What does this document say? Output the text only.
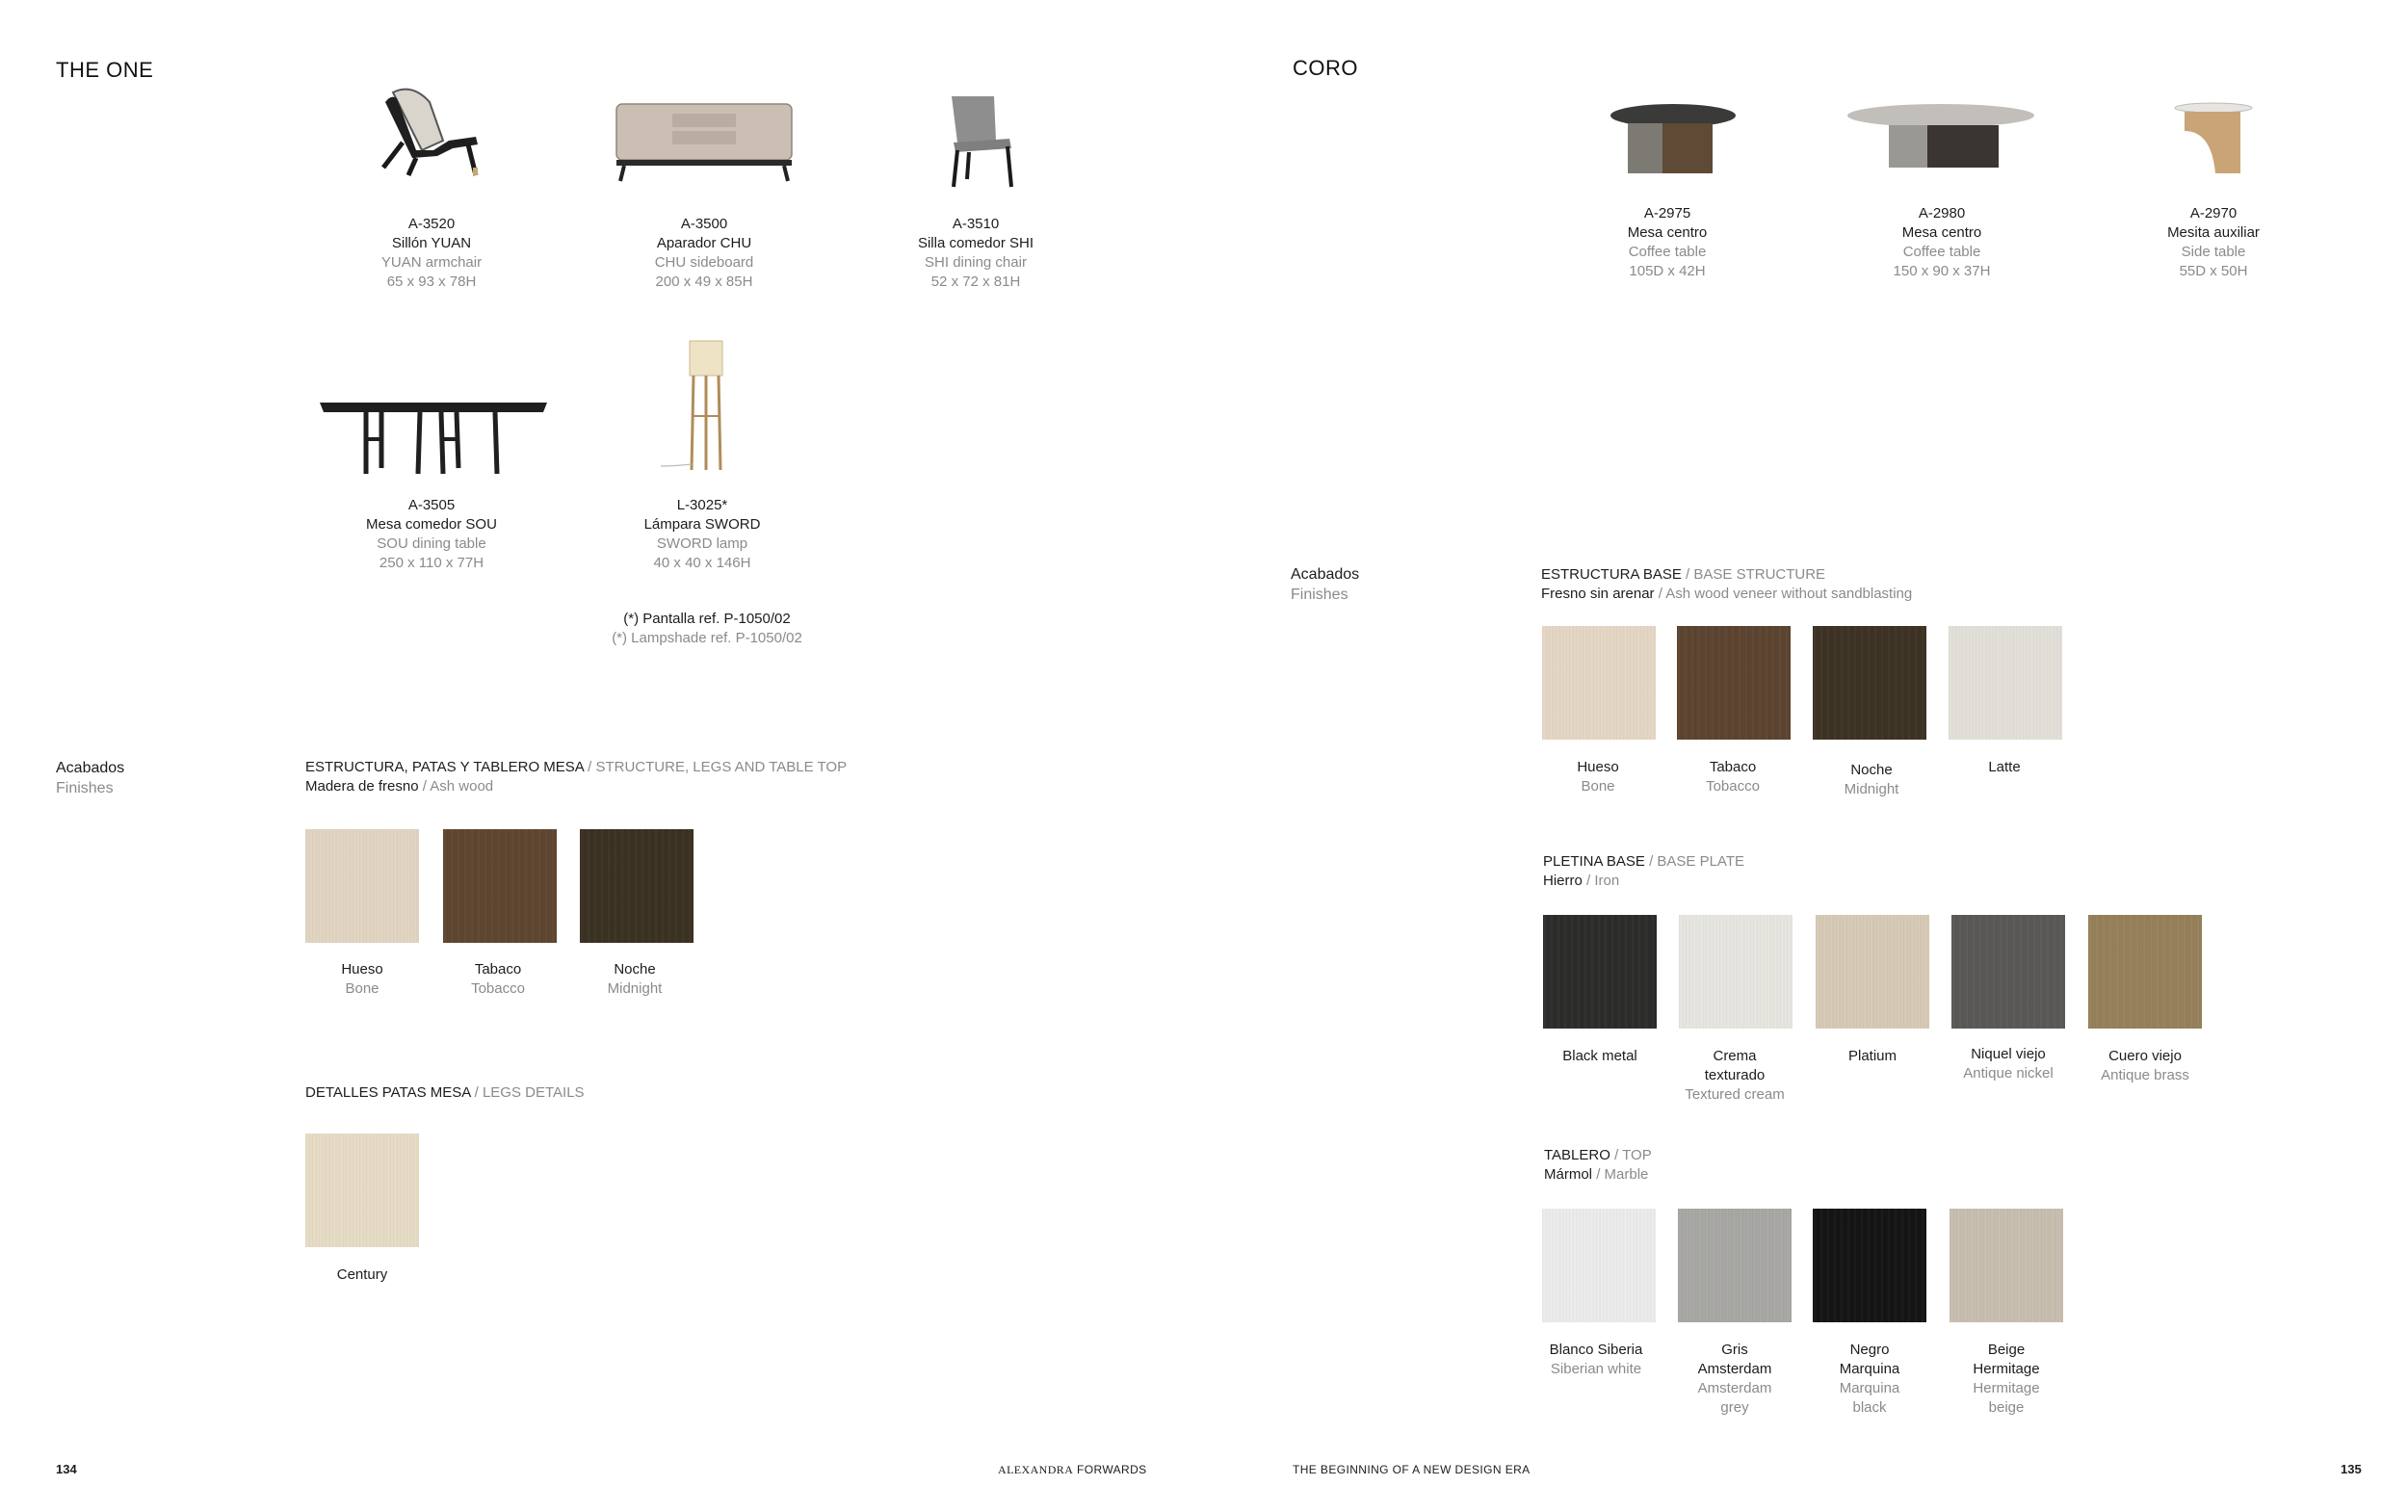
THE ONE
A-3520
Sillón YUAN
YUAN armchair
65 x 93 x 78H
A-3500
Aparador CHU
CHU sideboard
200 x 49 x 85H
A-3510
Silla comedor SHI
SHI dining chair
52 x 72 x 81H
A-3505
Mesa comedor SOU
SOU dining table
250 x 110 x 77H
L-3025*
Lámpara SWORD
SWORD lamp
40 x 40 x 146H
(*) Pantalla ref. P-1050/02
(*) Lampshade ref. P-1050/02
Acabados
Finishes
ESTRUCTURA, PATAS Y TABLERO MESA / STRUCTURE, LEGS AND TABLE TOP
Madera de fresno / Ash wood
Hueso
Bone
Tabaco
Tobacco
Noche
Midnight
DETALLES PATAS MESA / LEGS DETAILS
Century
134	ALEXANDRA FORWARDS
CORO
THE BEGINNING OF A NEW DESIGN ERA	135
A-2975
Mesa centro
Coffee table
105D x 42H
A-2980
Mesa centro
Coffee table
150 x 90 x 37H
A-2970
Mesita auxiliar
Side table
55D x 50H
Acabados
Finishes
ESTRUCTURA BASE / BASE STRUCTURE
Fresno sin arenar / Ash wood veneer without sandblasting
Hueso
Bone
Tabaco
Tobacco
Noche
Midnight
Latte
PLETINA BASE / BASE PLATE
Hierro / Iron
Black metal	Crema
texturado
Textured cream
Platium	Niquel viejo
Antique nickel
Cuero viejo
Antique brass
TABLERO / TOP
Mármol / Marble
Blanco Siberia
Siberian white
Gris
Amsterdam
Amsterdam
grey
Negro
Marquina
Marquina
black
Beige
Hermitage
Hermitage
beige
